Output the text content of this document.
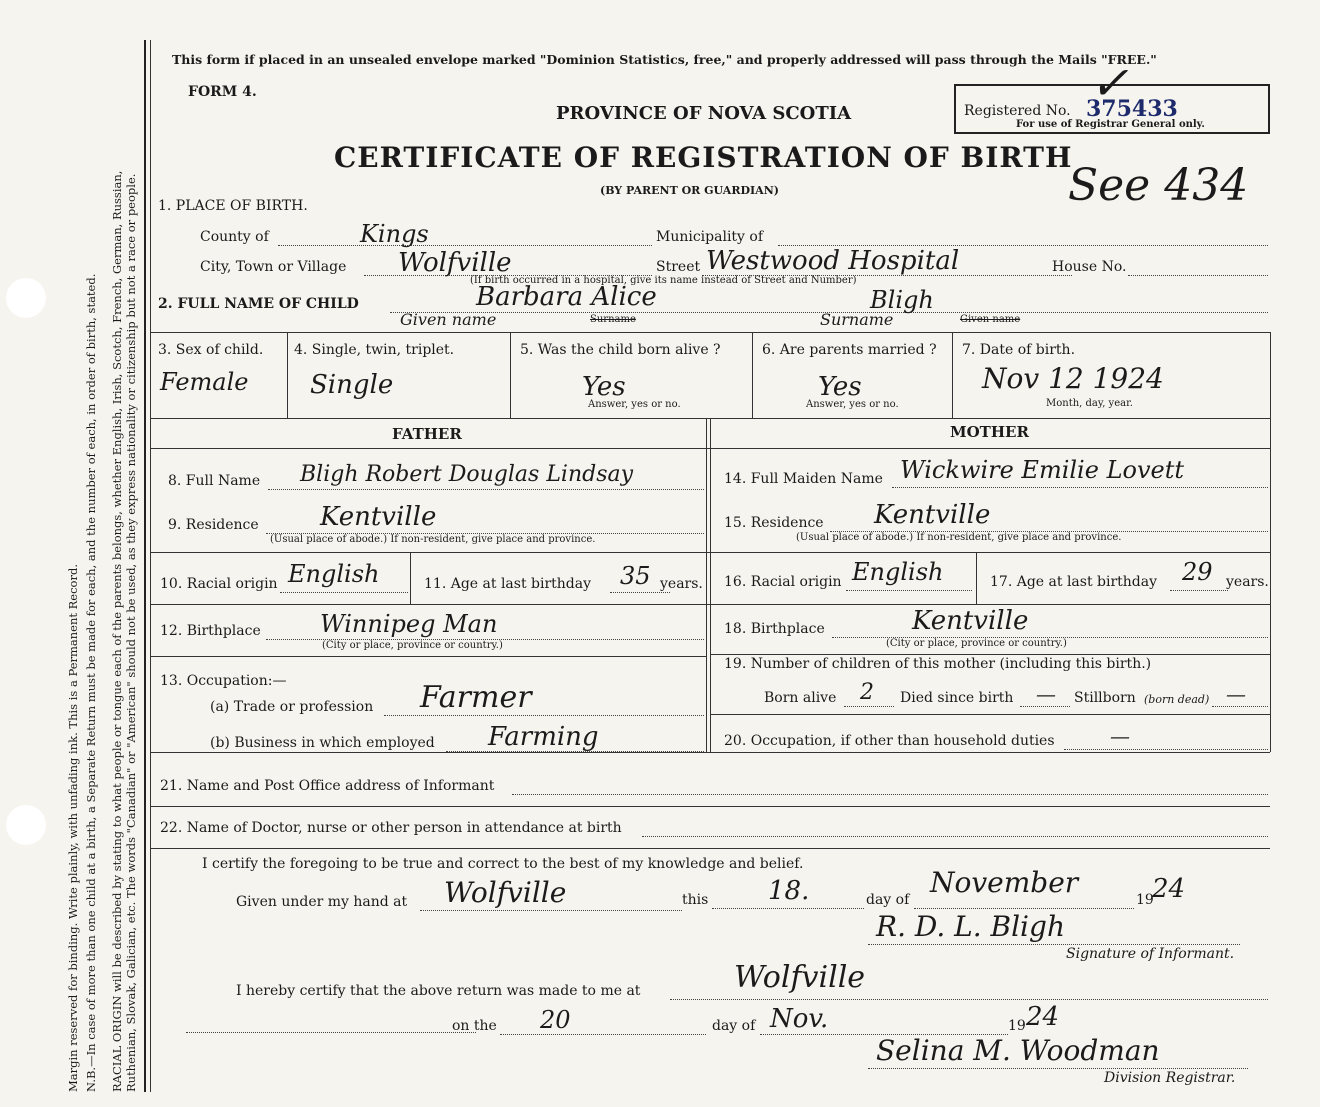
Margin reserved for binding. Write plainly, with unfading ink. This is a Permanent Record. N.B.—In case of more than one child at a birth, a Separate Return must be made for each, and the number of each, in order of birth, stated. RACIAL ORIGIN will be described by stating to what people or tongue each of the parents belongs, whether English, Irish, Scotch, French, German, Russian, Ruthenian, Slovak, Galician, etc. The words "Canadian" or "American" should not be used, as they express nationality or citizenship but not a race or people.
This form if placed in an unsealed envelope marked "Dominion Statistics, free," and properly addressed will pass through the Mails "FREE."
FORM 4.
PROVINCE OF NOVA SCOTIA	Registered No. 375433
For use of Registrar General only.
✓
See 434
CERTIFICATE OF REGISTRATION OF BIRTH
(BY PARENT OR GUARDIAN)
1. PLACE OF BIRTH.
County of	Kings	Municipality of
City, Town or Village Wolfville	Street Westwood Hospital	House No.
(If birth occurred in a hospital, give its name instead of Street and Number)
2. FULL NAME OF CHILD	Barbara Alice	Bligh
Given name	Surname	Surname	Given name
3. Sex of child.
Female
4. Single, twin, triplet.
Single
5. Was the child born alive ?
Yes
Answer, yes or no.
6. Are parents married ?
Yes
Answer, yes or no.
7. Date of birth.
Nov 12 1924
Month, day, year.
FATHER	MOTHER
8. Full Name Bligh Robert Douglas Lindsay
9. Residence Kentville
(Usual place of abode.) If non-resident, give place and province.
10. Racial origin English	11. Age at last birthday 35 years.
12. Birthplace Winnipeg Man
(City or place, province or country.)
13. Occupation:—
(a) Trade or profession Farmer
(b) Business in which employed Farming
14. Full Maiden Name Wickwire Emilie Lovett
15. Residence Kentville
(Usual place of abode.) If non-resident, give place and province.
16. Racial origin English	17. Age at last birthday 29 years.
18. Birthplace	Kentville
(City or place, province or country.)
19. Number of children of this mother (including this birth.)
Born alive 2 Died since birth — Stillborn (born dead) —
20. Occupation, if other than household duties	—
21. Name and Post Office address of Informant
22. Name of Doctor, nurse or other person in attendance at birth
I certify the foregoing to be true and correct to the best of my knowledge and belief.
Given under my hand at Wolfville	this 18.	day of
November
19
24
R. D. L. Bligh
Signature of Informant.
I hereby certify that the above return was made to me at	Wolfville
on the 20	day of Nov.	19 24
Selina M. Woodman
Division Registrar.
